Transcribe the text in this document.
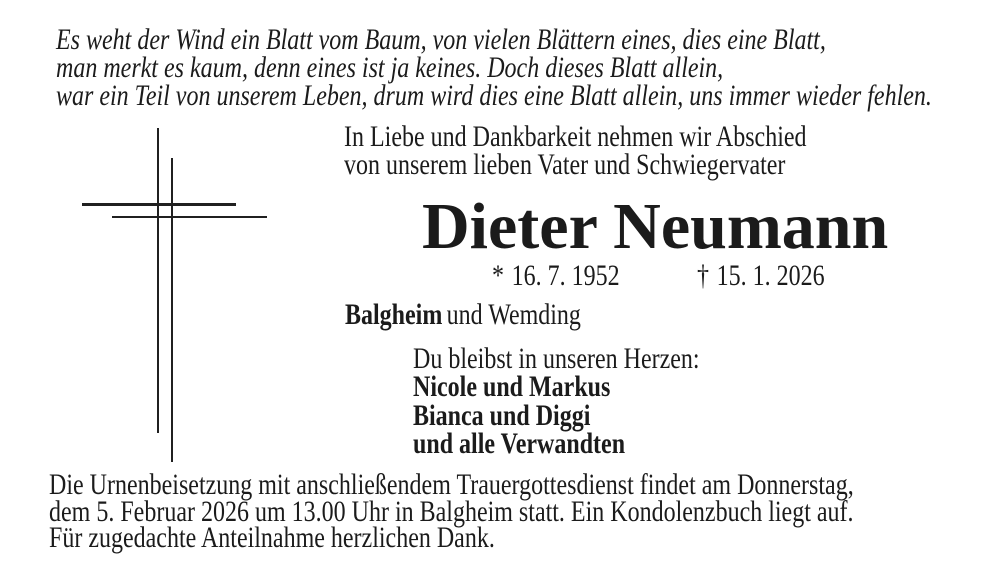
Es weht der Wind ein Blatt vom Baum, von vielen Blättern eines, dies eine Blatt,
man merkt es kaum, denn eines ist ja keines. Doch dieses Blatt allein,
war ein Teil von unserem Leben, drum wird dies eine Blatt allein, uns immer wieder fehlen.
In Liebe und Dankbarkeit nehmen wir Abschied
von unserem lieben Vater und Schwiegervater
Dieter Neumann
* 16. 7. 1952	† 15. 1. 2026
Balgheim und Wemding
Du bleibst in unseren Herzen:
Nicole und Markus
Bianca und Diggi
und alle Verwandten
Die Urnenbeisetzung mit anschließendem Trauergottesdienst findet am Donnerstag,
dem 5. Februar 2026 um 13.00 Uhr in Balgheim statt. Ein Kondolenzbuch liegt auf.
Für zugedachte Anteilnahme herzlichen Dank.
